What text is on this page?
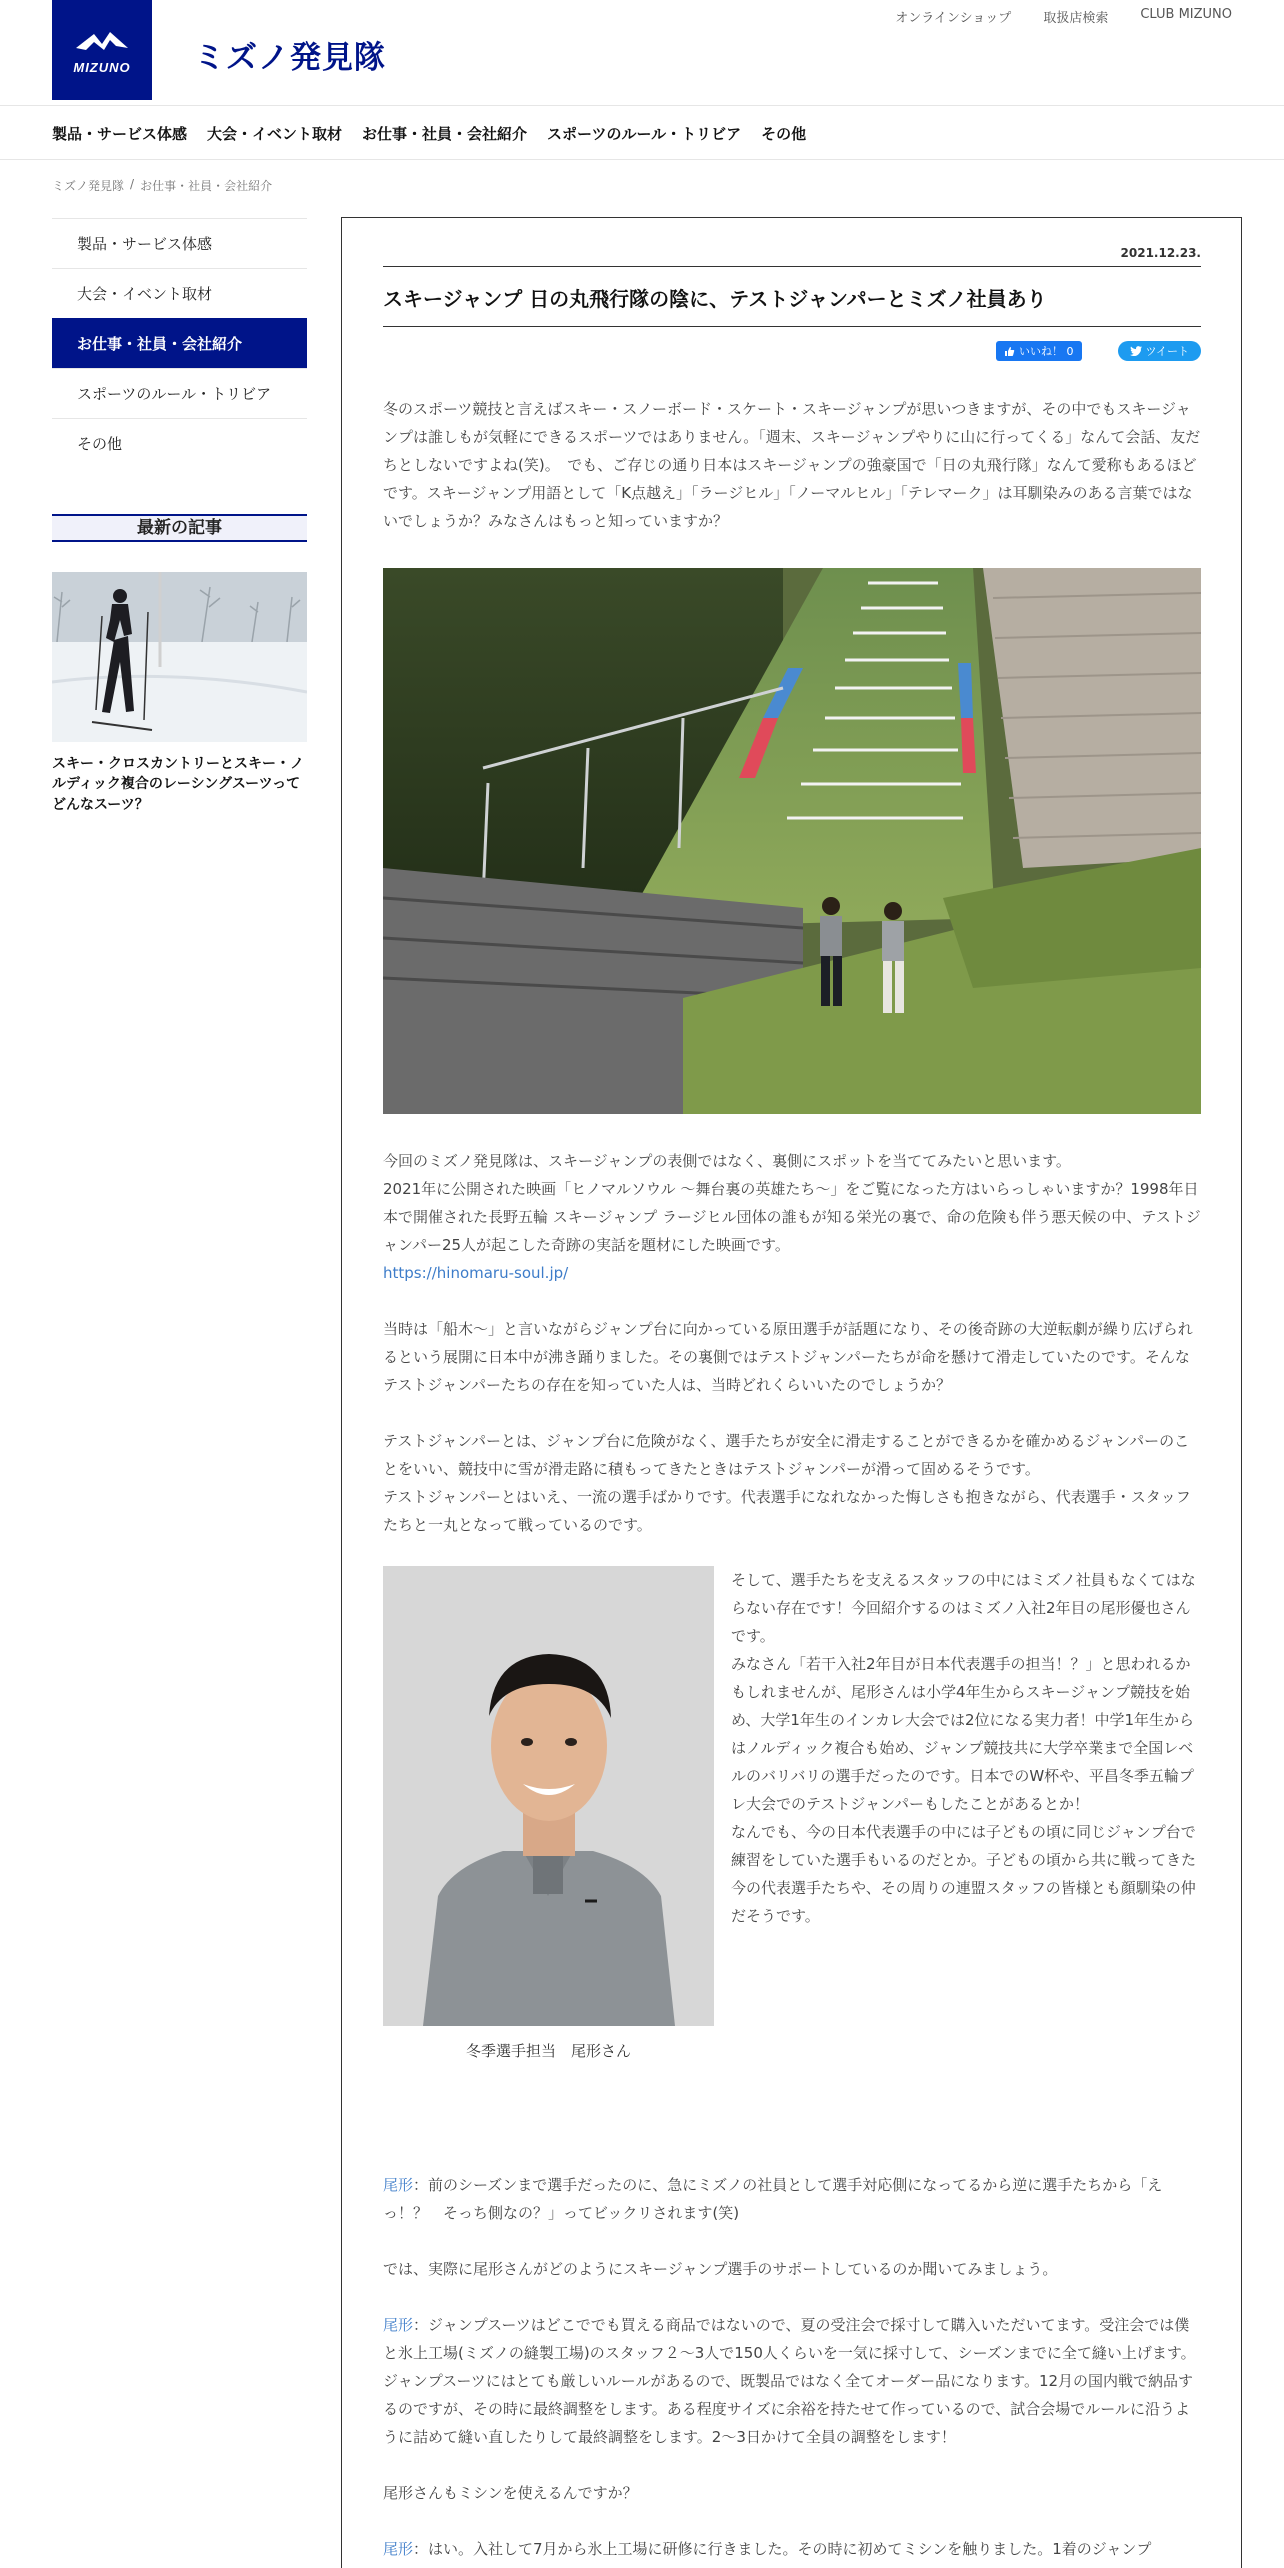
MIZUNO ミズノ発見隊
オンラインショップ 取扱店検索 CLUB MIZUNO
製品・サービス体感 大会・イベント取材 お仕事・社員・会社紹介 スポーツのルール・トリビア その他
ミズノ発見隊 / お仕事・社員・会社紹介
製品・サービス体感
大会・イベント取材
お仕事・社員・会社紹介
スポーツのルール・トリビア
その他
最新の記事
スキー・クロスカントリーとスキー・ノルディック複合のレーシングスーツってどんなスーツ？
2021.12.23.
スキージャンプ 日の丸飛行隊の陰に、テストジャンパーとミズノ社員あり
いいね！ 0	ツイート

冬のスポーツ競技と言えばスキー・スノーボード・スケート・スキージャンプが思いつきますが、その中でもスキージャンプは誰しもが気軽にできるスポーツではありません。「週末、スキージャンプやりに山に行ってくる」なんて会話、友だちとしないですよね(笑)。　でも、ご存じの通り日本はスキージャンプの強豪国で「日の丸飛行隊」なんて愛称もあるほどです。スキージャンプ用語として「K点越え」「ラージヒル」「ノーマルヒル」「テレマーク」は耳馴染みのある言葉ではないでしょうか？みなさんはもっと知っていますか？

今回のミズノ発見隊は、スキージャンプの表側ではなく、裏側にスポットを当ててみたいと思います。
2021年に公開された映画「ヒノマルソウル ～舞台裏の英雄たち～」をご覧になった方はいらっしゃいますか？1998年日本で開催された長野五輪 スキージャンプ ラージヒル団体の誰もが知る栄光の裏で、命の危険も伴う悪天候の中、テストジャンパー25人が起こした奇跡の実話を題材にした映画です。
https://hinomaru-soul.jp/

当時は「船木～」と言いながらジャンプ台に向かっている原田選手が話題になり、その後奇跡の大逆転劇が繰り広げられるという展開に日本中が沸き踊りました。その裏側ではテストジャンパーたちが命を懸けて滑走していたのです。そんなテストジャンパーたちの存在を知っていた人は、当時どれくらいいたのでしょうか？

テストジャンパーとは、ジャンプ台に危険がなく、選手たちが安全に滑走することができるかを確かめるジャンパーのことをいい、競技中に雪が滑走路に積もってきたときはテストジャンパーが滑って固めるそうです。
テストジャンパーとはいえ、一流の選手ばかりです。代表選手になれなかった悔しさも抱きながら、代表選手・スタッフたちと一丸となって戦っているのです。

冬季選手担当　尾形さん

そして、選手たちを支えるスタッフの中にはミズノ社員もなくてはならない存在です！今回紹介するのはミズノ入社2年目の尾形優也さんです。

みなさん「若干入社2年目が日本代表選手の担当！？」と思われるかもしれませんが、尾形さんは小学4年生からスキージャンプ競技を始め、大学1年生のインカレ大会では2位になる実力者！中学1年生からはノルディック複合も始め、ジャンプ競技共に大学卒業まで全国レベルのバリバリの選手だったのです。日本でのW杯や、平昌冬季五輪プレ大会でのテストジャンパーもしたことがあるとか！

なんでも、今の日本代表選手の中には子どもの頃に同じジャンプ台で練習をしていた選手もいるのだとか。子どもの頃から共に戦ってきた今の代表選手たちや、その周りの連盟スタッフの皆様とも顔馴染の仲だそうです。

尾形：前のシーズンまで選手だったのに、急にミズノの社員として選手対応側になってるから逆に選手たちから「えっ！？　そっち側なの？」ってビックリされます(笑)

では、実際に尾形さんがどのようにスキージャンプ選手のサポートしているのか聞いてみましょう。

尾形：ジャンプスーツはどこででも買える商品ではないので、夏の受注会で採寸して購入いただいてます。受注会では僕と氷上工場(ミズノの縫製工場)のスタッフ２～3人で150人くらいを一気に採寸して、シーズンまでに全て縫い上げます。ジャンプスーツにはとても厳しいルールがあるので、既製品ではなく全てオーダー品になります。12月の国内戦で納品するのですが、その時に最終調整をします。ある程度サイズに余裕を持たせて作っているので、試合会場でルールに沿うように詰めて縫い直したりして最終調整をします。2～3日かけて全員の調整をします！

尾形さんもミシンを使えるんですか？

尾形：はい。入社して7月から氷上工場に研修に行きました。その時に初めてミシンを触りました。1着のジャンプ
